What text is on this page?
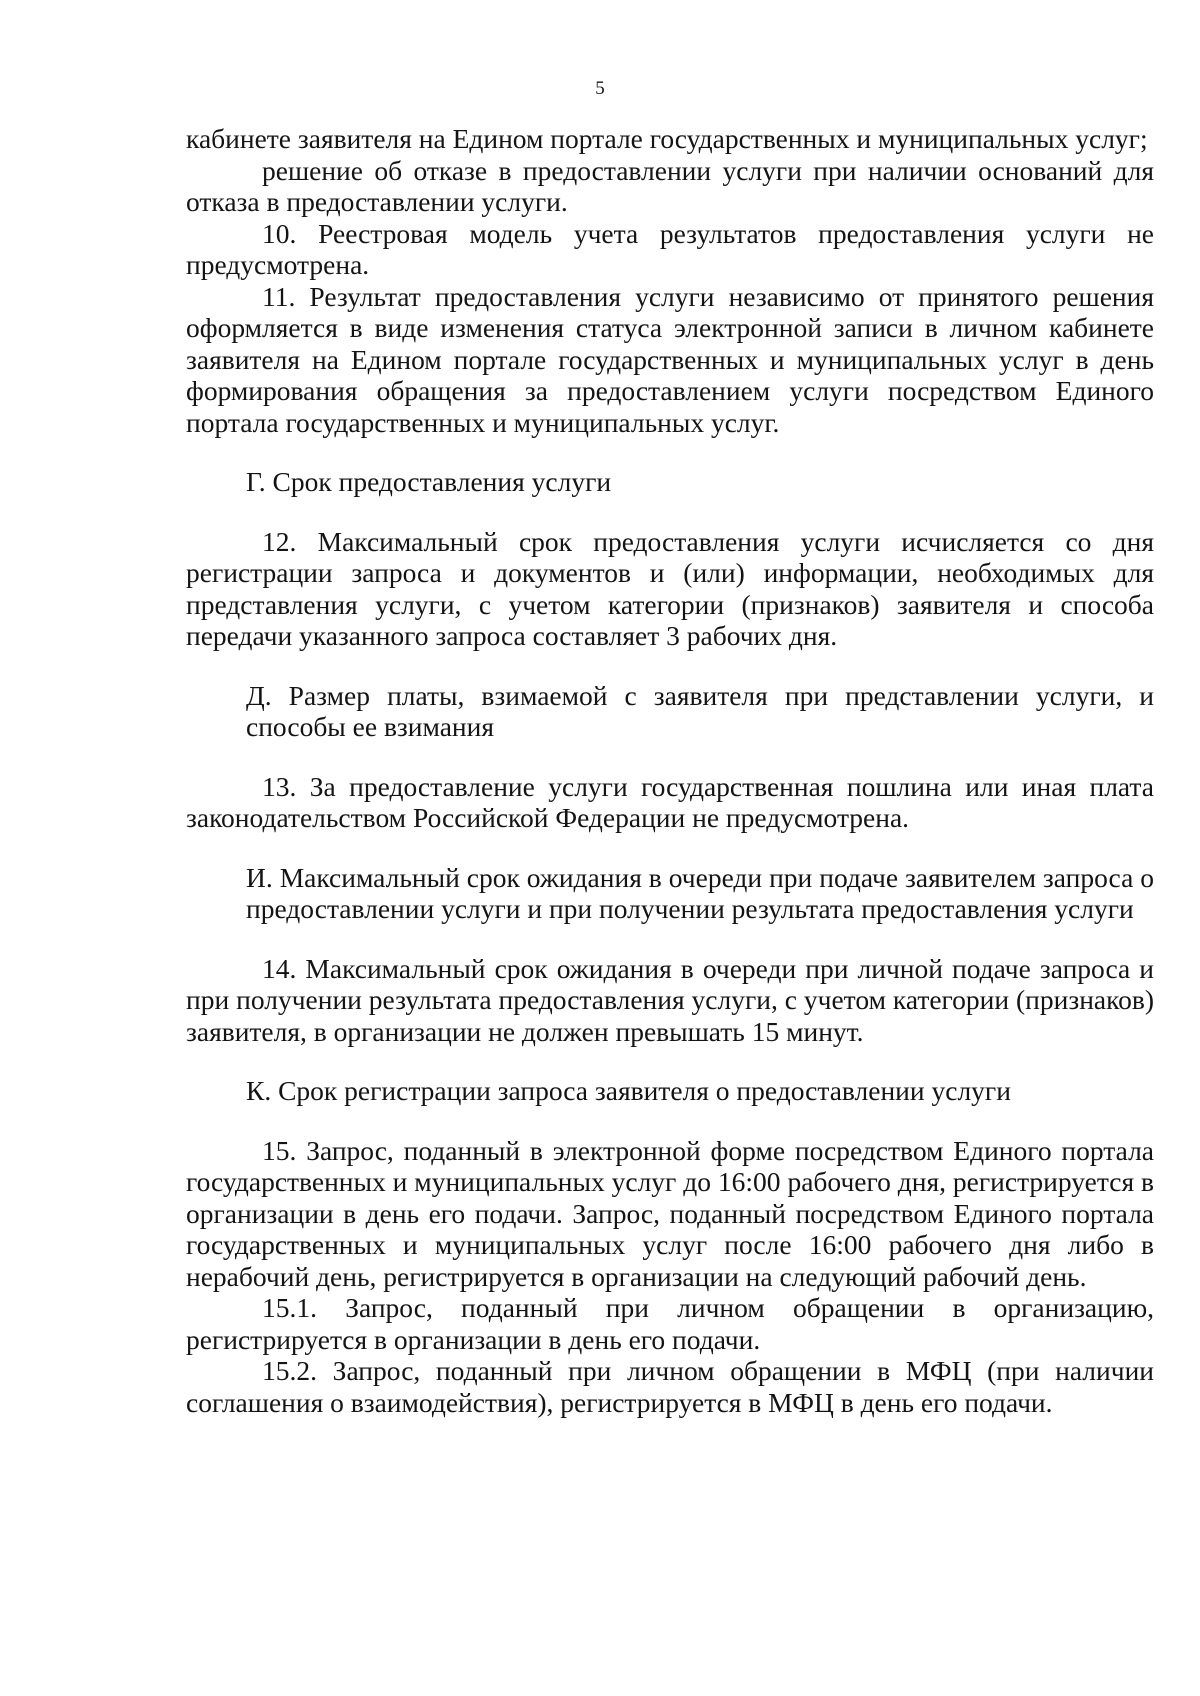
5

кабинете заявителя на Едином портале государственных и муниципальных услуг;

решение об отказе в предоставлении услуги при наличии оснований для отказа в предоставлении услуги.

10. Реестровая модель учета результатов предоставления услуги не предусмотрена.

11. Результат предоставления услуги независимо от принятого решения оформляется в виде изменения статуса электронной записи в личном кабинете заявителя на Едином портале государственных и муниципальных услуг в день формирования обращения за предоставлением услуги посредством Единого портала государственных и муниципальных услуг.

Г. Срок предоставления услуги

12. Максимальный срок предоставления услуги исчисляется со дня регистрации запроса и документов и (или) информации, необходимых для представления услуги, с учетом категории (признаков) заявителя и способа передачи указанного запроса составляет 3 рабочих дня.

Д. Размер платы, взимаемой с заявителя при представлении услуги, и способы ее взимания

13. За предоставление услуги государственная пошлина или иная плата законодательством Российской Федерации не предусмотрена.

И. Максимальный срок ожидания в очереди при подаче заявителем запроса о предоставлении услуги и при получении результата предоставления услуги

14. Максимальный срок ожидания в очереди при личной подаче запроса и при получении результата предоставления услуги, с учетом категории (признаков) заявителя, в организации не должен превышать 15 минут.

К. Срок регистрации запроса заявителя о предоставлении услуги

15. Запрос, поданный в электронной форме посредством Единого портала государственных и муниципальных услуг до 16:00 рабочего дня, регистрируется в организации в день его подачи. Запрос, поданный посредством Единого портала государственных и муниципальных услуг после 16:00 рабочего дня либо в нерабочий день, регистрируется в организации на следующий рабочий день.

15.1. Запрос, поданный при личном обращении в организацию, регистрируется в организации в день его подачи.

15.2. Запрос, поданный при личном обращении в МФЦ (при наличии соглашения о взаимодействия), регистрируется в МФЦ в день его подачи.
